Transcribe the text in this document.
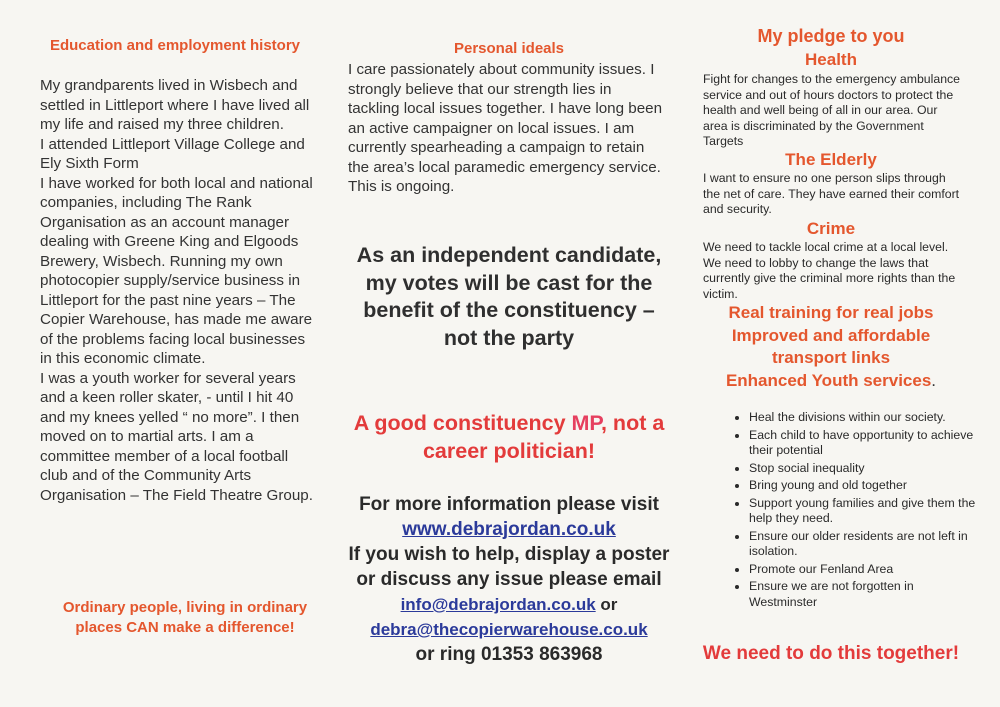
Education and employment history

My grandparents lived in Wisbech and settled in Littleport where I have lived all my life and raised my three children.

I attended Littleport Village College and Ely Sixth Form

I have worked for both local and national companies, including The Rank Organisation as an account manager dealing with Greene King and Elgoods Brewery, Wisbech. Running my own photocopier supply/service business in Littleport for the past nine years – The Copier Warehouse, has made me aware of the problems facing local businesses in this economic climate.

I was a youth worker for several years and a keen roller skater, - until I hit 40 and my knees yelled “ no more”. I then moved on to martial arts. I am a committee member of a local football club and of the Community Arts Organisation – The Field Theatre Group.

Ordinary people, living in ordinary places CAN make a difference!
Personal ideals
I care passionately about community issues. I strongly believe that our strength lies in tackling local issues together. I have long been an active campaigner on local issues. I am currently spearheading a campaign to retain the area’s local paramedic emergency service. This is ongoing.
As an independent candidate, my votes will be cast for the benefit of the constituency – not the party
A good constituency MP, not a career politician!
For more information please visit www.debrajordan.co.uk
If you wish to help, display a poster or discuss any issue please email
info@debrajordan.co.uk or
debra@thecopierwarehouse.co.uk
or ring 01353 863968
My pledge to you
Health
Fight for changes to the emergency ambulance service and out of hours doctors to protect the health and well being of all in our area. Our area is discriminated by the Government Targets
The Elderly
I want to ensure no one person slips through the net of care. They have earned their comfort and security.
Crime
We need to tackle local crime at a local level. We need to lobby to change the laws that currently give the criminal more rights than the victim.
Real training for real jobs
Improved and affordable transport links
Enhanced Youth services.
• Heal the divisions within our society.
• Each child to have opportunity to achieve their potential
• Stop social inequality
• Bring young and old together
• Support young families and give them the help they need.
• Ensure our older residents are not left in isolation.
• Promote our Fenland Area
• Ensure we are not forgotten in Westminster
We need to do this together!
